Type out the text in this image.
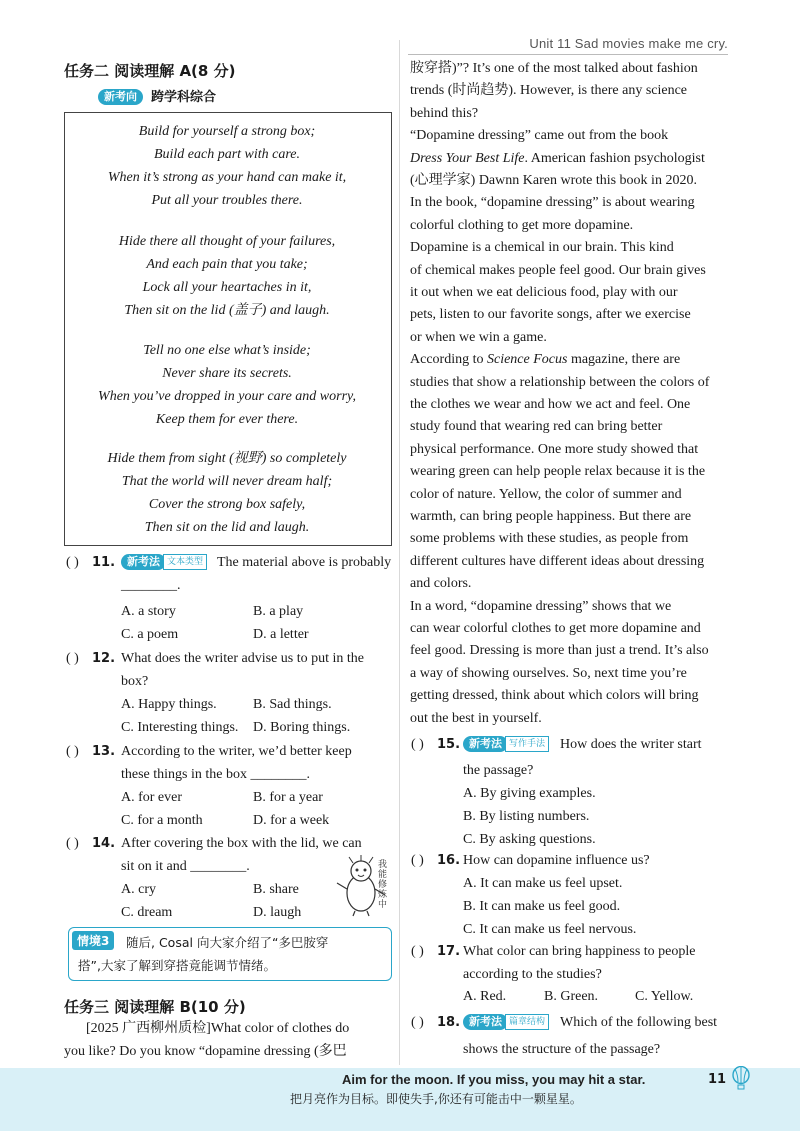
Unit 11 Sad movies make me cry.
任务二 阅读理解 A(8 分)
新考向 跨学科综合
Build for yourself a strong box;
Build each part with care.
When it’s strong as your hand can make it,
Put all your troubles there.
Hide there all thought of your failures,
And each pain that you take;
Lock all your heartaches in it,
Then sit on the lid (盖子) and laugh.
Tell no one else what’s inside;
Never share its secrets.
When you’ve dropped in your care and worry,
Keep them for ever there.
Hide them from sight (视野) so completely
That the world will never dream half;
Cover the strong box safely,
Then sit on the lid and laugh.
( ) 11.	新考法 文本类型 The material above is probably
________.
A. a story	B. a play
C. a poem	D. a letter
( ) 12. What does the writer advise us to put in the
box?
A. Happy things.	B. Sad things.
C. Interesting things. D. Boring things.
( ) 13. According to the writer, we’d better keep
these things in the box ________.
A. for ever	B. for a year
C. for a month	D. for a week
( ) 14. After covering the box with the lid, we can
sit on it and ________.
A. cry	B. share
C. dream	D. laugh
我能修炼中
情境3	随后, Cosal 向大家介绍了“多巴胺穿
搭”,大家了解到穿搭竟能调节情绪。
任务三 阅读理解 B(10 分)
[2025 广西柳州质检]What color of clothes do
you like? Do you know “dopamine dressing (多巴
胺穿搭)”? It’s one of the most talked about fashion
trends (时尚趋势). However, is there any science
behind this?
“Dopamine dressing” came out from the book
Dress Your Best Life. American fashion psychologist
(心理学家) Dawnn Karen wrote this book in 2020.
In the book, “dopamine dressing” is about wearing
colorful clothing to get more dopamine.
Dopamine is a chemical in our brain. This kind
of chemical makes people feel good. Our brain gives
it out when we eat delicious food, play with our
pets, listen to our favorite songs, after we exercise
or when we win a game.
According to Science Focus magazine, there are
studies that show a relationship between the colors of
the clothes we wear and how we act and feel. One
study found that wearing red can bring better
physical performance. One more study showed that
wearing green can help people relax because it is the
color of nature. Yellow, the color of summer and
warmth, can bring people happiness. But there are
some problems with these studies, as people from
different cultures have different ideas about dressing
and colors.
In a word, “dopamine dressing” shows that we
can wear colorful clothes to get more dopamine and
feel good. Dressing is more than just a trend. It’s also
a way of showing ourselves. So, next time you’re
getting dressed, think about which colors will bring
out the best in yourself.
( ) 15. 新考法 写作手法 How does the writer start
the passage?
A. By giving examples.
B. By listing numbers.
C. By asking questions.
( ) 16. How can dopamine influence us?
A. It can make us feel upset.
B. It can make us feel good.
C. It can make us feel nervous.
( ) 17. What color can bring happiness to people
according to the studies?
A. Red.	B. Green.	C. Yellow.
( ) 18. 新考法 篇章结构 Which of the following best
shows the structure of the passage?
Aim for the moon. If you miss, you may hit a star.
把月亮作为目标。即使失手,你还有可能击中一颗星星。
11
